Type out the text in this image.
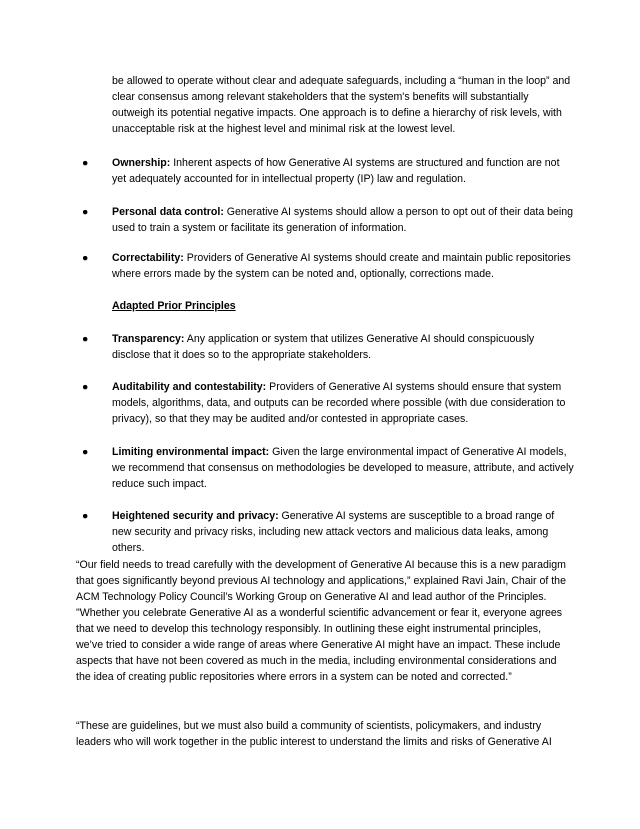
be allowed to operate without clear and adequate safeguards, including a “human in the loop” and clear consensus among relevant stakeholders that the system's benefits will substantially outweigh its potential negative impacts. One approach is to define a hierarchy of risk levels, with unacceptable risk at the highest level and minimal risk at the lowest level.

●	Ownership: Inherent aspects of how Generative AI systems are structured and function are not yet adequately accounted for in intellectual property (IP) law and regulation.

●	Personal data control: Generative AI systems should allow a person to opt out of their data being used to train a system or facilitate its generation of information.

●	Correctability: Providers of Generative AI systems should create and maintain public repositories where errors made by the system can be noted and, optionally, corrections made.

Adapted Prior Principles

●	Transparency: Any application or system that utilizes Generative AI should conspicuously disclose that it does so to the appropriate stakeholders.

●	Auditability and contestability: Providers of Generative AI systems should ensure that system models, algorithms, data, and outputs can be recorded where possible (with due consideration to privacy), so that they may be audited and/or contested in appropriate cases.

●	Limiting environmental impact: Given the large environmental impact of Generative AI models, we recommend that consensus on methodologies be developed to measure, attribute, and actively reduce such impact.

●	Heightened security and privacy: Generative AI systems are susceptible to a broad range of new security and privacy risks, including new attack vectors and malicious data leaks, among others.

“Our field needs to tread carefully with the development of Generative AI because this is a new paradigm that goes significantly beyond previous AI technology and applications,” explained Ravi Jain, Chair of the ACM Technology Policy Council’s Working Group on Generative AI and lead author of the Principles. "Whether you celebrate Generative AI as a wonderful scientific advancement or fear it, everyone agrees that we need to develop this technology responsibly. In outlining these eight instrumental principles, we’ve tried to consider a wide range of areas where Generative AI might have an impact. These include aspects that have not been covered as much in the media, including environmental considerations and the idea of creating public repositories where errors in a system can be noted and corrected.”

“These are guidelines, but we must also build a community of scientists, policymakers, and industry leaders who will work together in the public interest to understand the limits and risks of Generative AI
